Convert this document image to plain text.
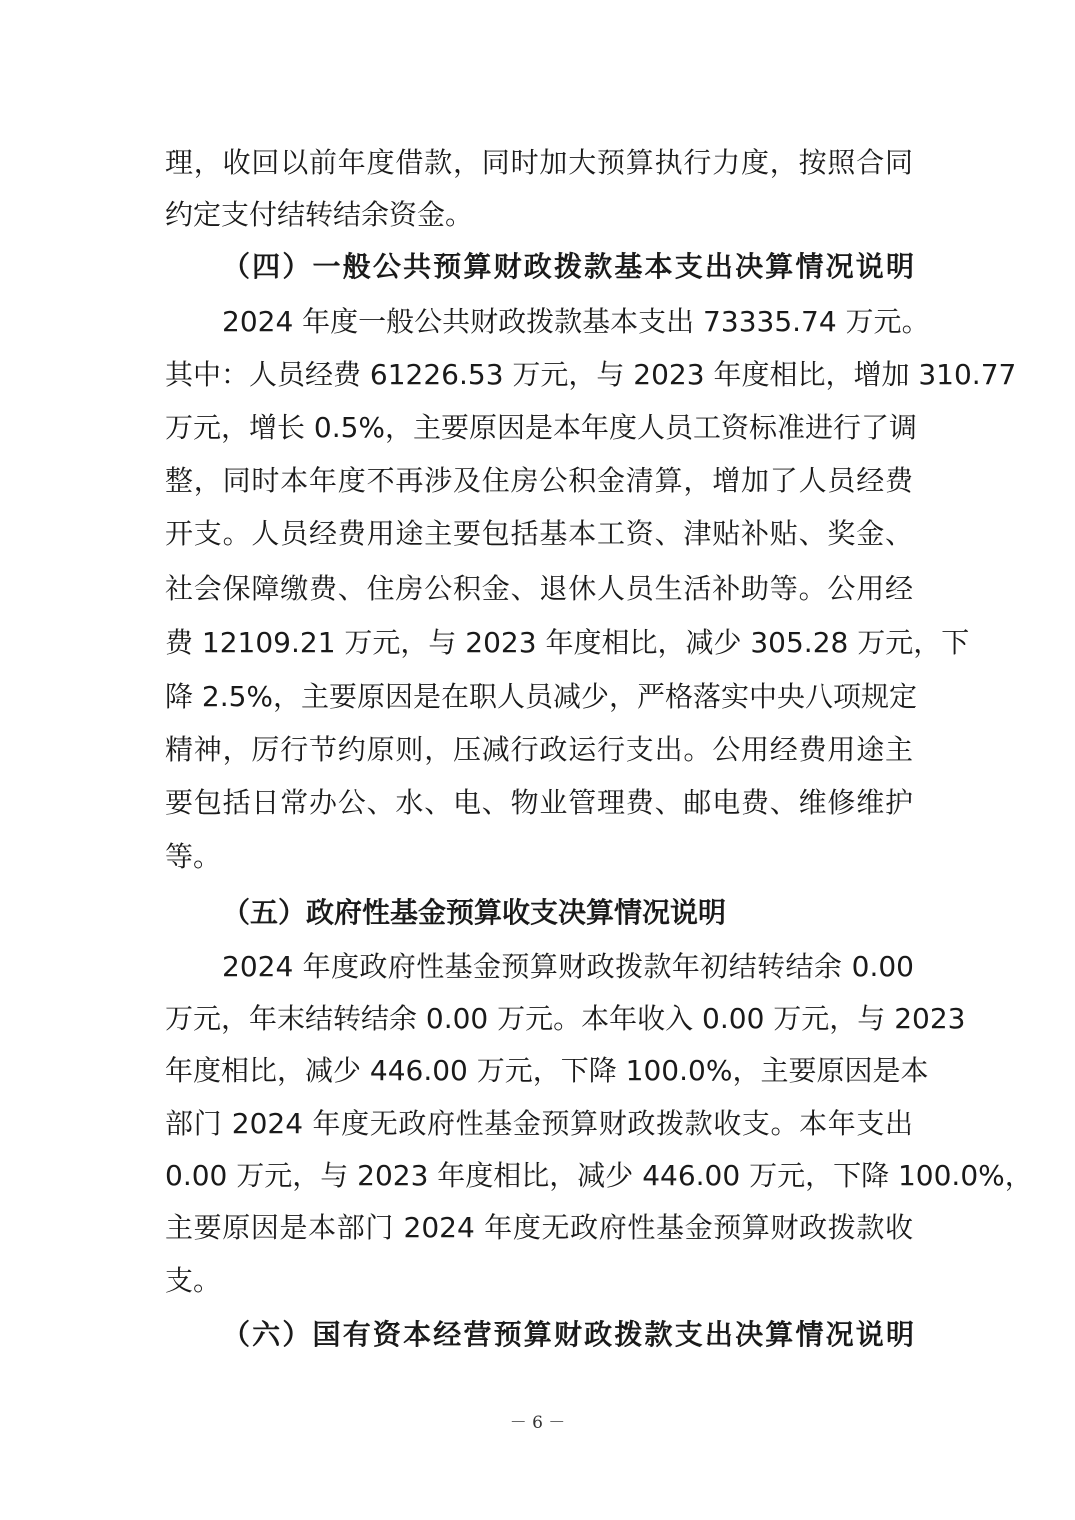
理，收回以前年度借款，同时加大预算执行力度，按照合同
约定支付结转结余资金。
（四）一般公共预算财政拨款基本支出决算情况说明
2024 年度一般公共财政拨款基本支出 73335.74 万元。
其中：人员经费 61226.53 万元，与 2023 年度相比，增加 310.77
万元，增长 0.5%，主要原因是本年度人员工资标准进行了调
整，同时本年度不再涉及住房公积金清算，增加了人员经费
开支。人员经费用途主要包括基本工资、津贴补贴、奖金、
社会保障缴费、住房公积金、退休人员生活补助等。公用经
费 12109.21 万元，与 2023 年度相比，减少 305.28 万元，下
降 2.5%，主要原因是在职人员减少，严格落实中央八项规定
精神，厉行节约原则，压减行政运行支出。公用经费用途主
要包括日常办公、水、电、物业管理费、邮电费、维修维护
等。
（五）政府性基金预算收支决算情况说明
2024 年度政府性基金预算财政拨款年初结转结余 0.00
万元，年末结转结余 0.00 万元。本年收入 0.00 万元，与 2023
年度相比，减少 446.00 万元，下降 100.0%，主要原因是本
部门 2024 年度无政府性基金预算财政拨款收支。本年支出
0.00 万元，与 2023 年度相比，减少 446.00 万元，下降 100.0%，
主要原因是本部门 2024 年度无政府性基金预算财政拨款收
支。
（六）国有资本经营预算财政拨款支出决算情况说明
－ 6 －
